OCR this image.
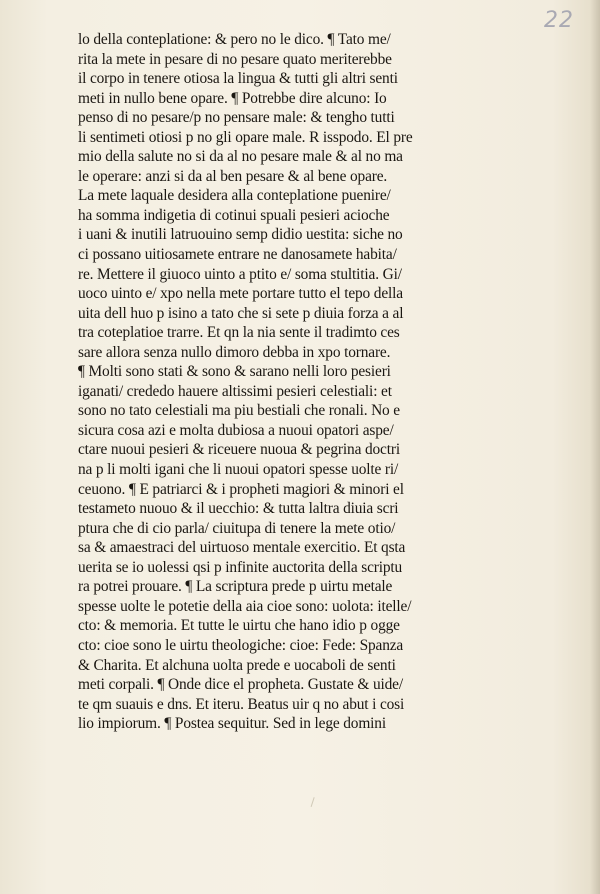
22
lo della conteplatione: & pero no le dico. ¶ Tato me/
rita la mete in pesare di no pesare quato meriterebbe
il corpo in tenere otiosa la lingua & tutti gli altri senti
meti in nullo bene opare. ¶ Potrebbe dire alcuno: Io
penso di no pesare/p no pensare male: & tengho tutti
li sentimeti otiosi p no gli opare male. R isspodo. El pre
mio della salute no si da al no pesare male & al no ma
le operare: anzi si da al ben pesare & al bene opare.
La mete laquale desidera alla conteplatione puenire/
ha somma indigetia di cotinui spuali pesieri acioche
i uani & inutili latruouino semp didio uestita: siche no
ci possano uitiosamete entrare ne danosamete habita/
re. Mettere il giuoco uinto a ptito e/ soma stultitia. Gi/
uoco uinto e/ xpo nella mete portare tutto el tepo della
uita dell huo p isino a tato che si sete p diuia forza a al
tra coteplatioe trarre. Et qn la nia sente il tradimto ces
sare allora senza nullo dimoro debba in xpo tornare.
¶ Molti sono stati & sono & sarano nelli loro pesieri
iganati/ crededo hauere altissimi pesieri celestiali: et
sono no tato celestiali ma piu bestiali che ronali. No e
sicura cosa azi e molta dubiosa a nuoui opatori aspe/
ctare nuoui pesieri & riceuere nuoua & pegrina doctri
na p li molti igani che li nuoui opatori spesse uolte ri/
ceuono. ¶ E patriarci & i propheti magiori & minori el
testameto nuouo & il uecchio: & tutta laltra diuia scri
ptura che di cio parla/ ciuitupa di tenere la mete otio/
sa & amaestraci del uirtuoso mentale exercitio. Et qsta
uerita se io uolessi qsi p infinite auctorita della scriptu
ra potrei prouare. ¶ La scriptura prede p uirtu metale
spesse uolte le potetie della aia cioe sono: uolota: itelle/
cto: & memoria. Et tutte le uirtu che hano idio p ogge
cto: cioe sono le uirtu theologiche: cioe: Fede: Spanza
& Charita. Et alchuna uolta prede e uocaboli de senti
meti corpali. ¶ Onde dice el propheta. Gustate & uide/
te qm suauis e dns. Et iteru. Beatus uir q no abut i cosi
lio impiorum. ¶ Postea sequitur. Sed in lege domini
